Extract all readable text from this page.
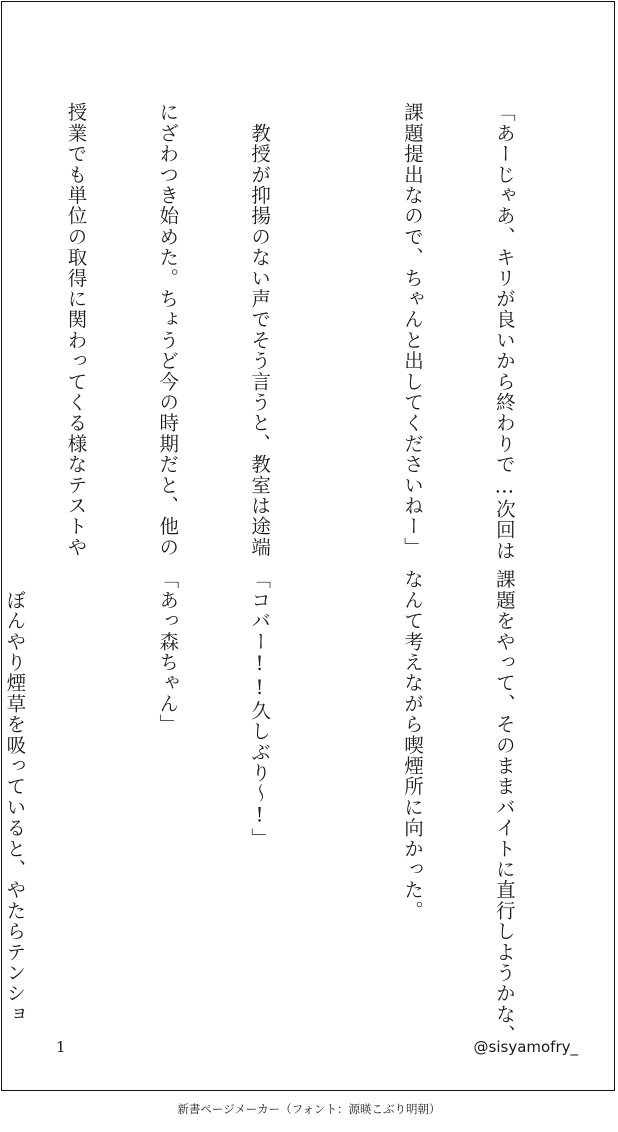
「あーじゃあ、キリが良いから終わりで…次回は

課題提出なので、ちゃんと出してくださいねー」

　教授が抑揚のない声でそう言うと、教室は途端

にざわつき始めた。ちょうど今の時期だと、他の

授業でも単位の取得に関わってくる様なテストや

課題をやって、そのままバイトに直行しようかな、

なんて考えながら喫煙所に向かった。

「コバー!!久しぶり～!」

「あっ森ちゃん」

　ぼんやり煙草を吸っていると、やたらテンショ

1	@sisyamofry_
新書ページメーカー（フォント：源暎こぶり明朝）
